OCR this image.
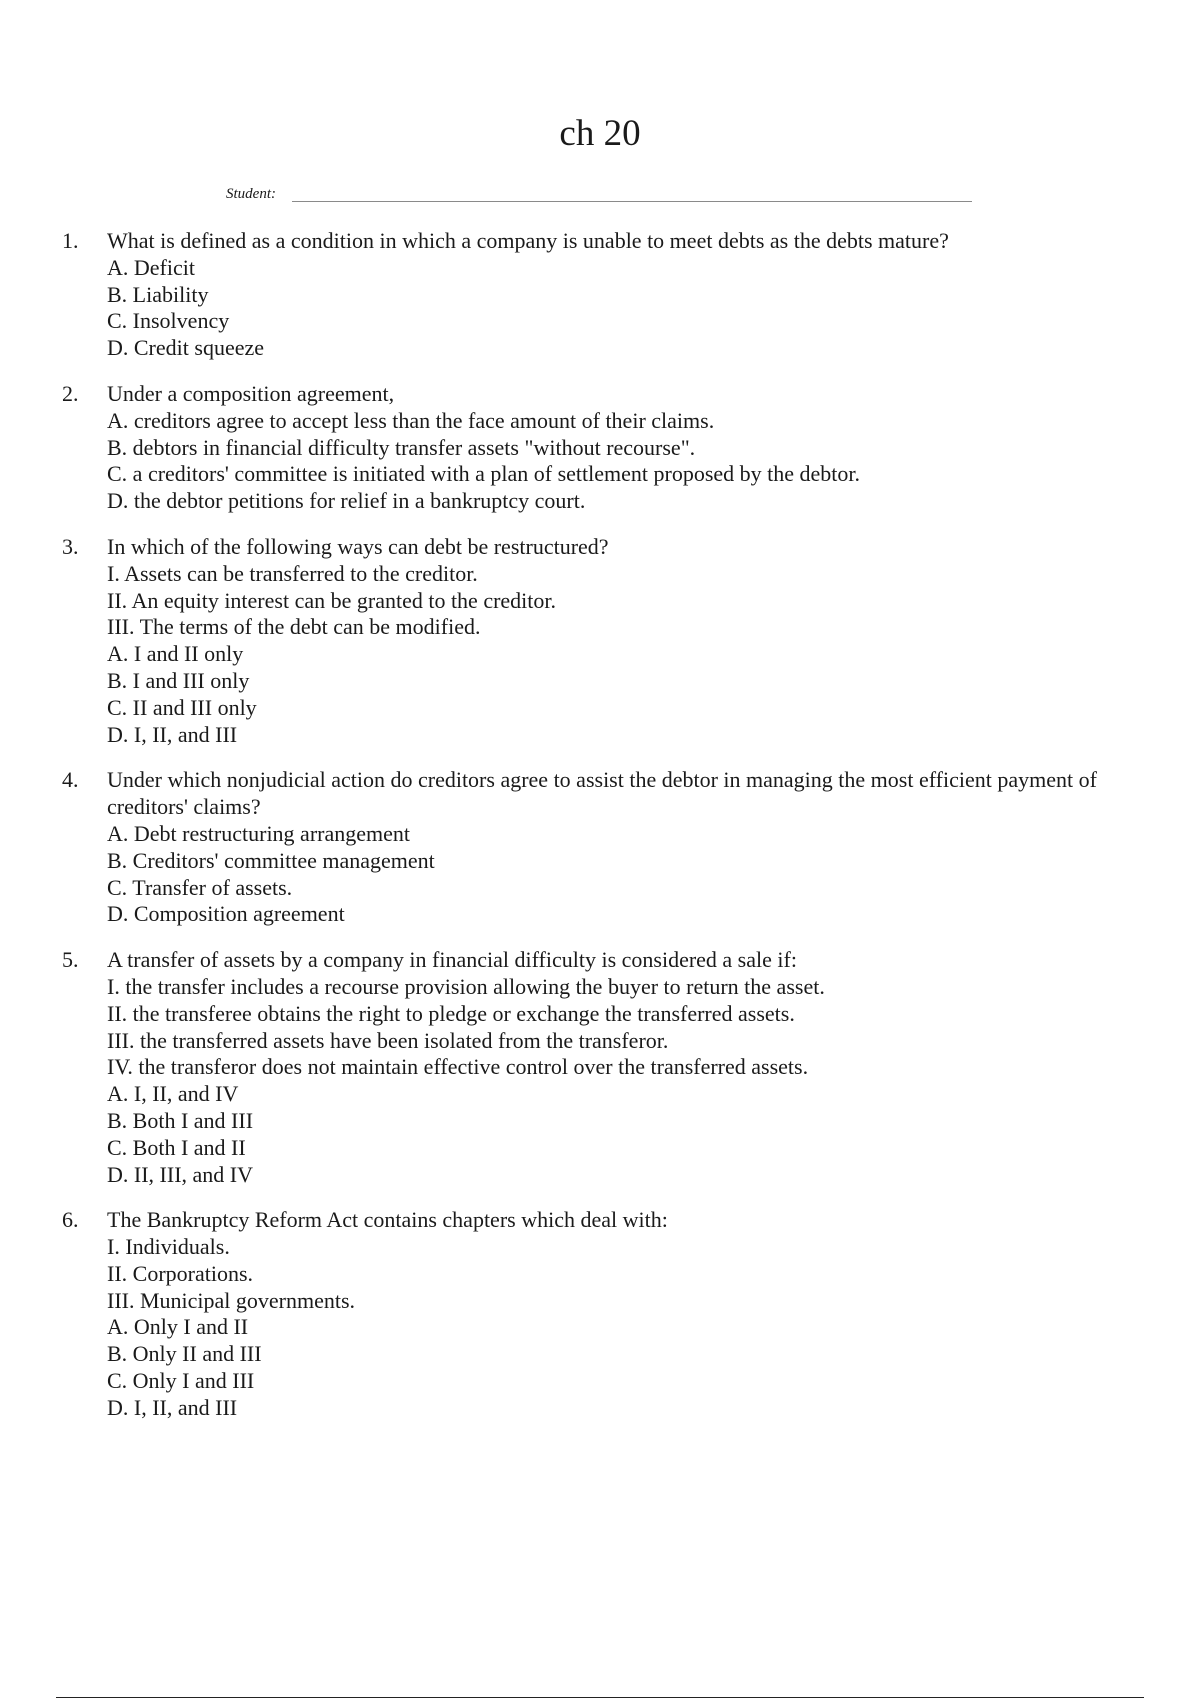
ch 20
Student:
1. What is defined as a condition in which a company is unable to meet debts as the debts mature?
A. Deficit
B. Liability
C. Insolvency
D. Credit squeeze
2. Under a composition agreement,
A. creditors agree to accept less than the face amount of their claims.
B. debtors in financial difficulty transfer assets "without recourse".
C. a creditors' committee is initiated with a plan of settlement proposed by the debtor.
D. the debtor petitions for relief in a bankruptcy court.
3. In which of the following ways can debt be restructured?
I. Assets can be transferred to the creditor.
II. An equity interest can be granted to the creditor.
III. The terms of the debt can be modified.
A. I and II only
B. I and III only
C. II and III only
D. I, II, and III
4. Under which nonjudicial action do creditors agree to assist the debtor in managing the most efficient payment of creditors' claims?
A. Debt restructuring arrangement
B. Creditors' committee management
C. Transfer of assets.
D. Composition agreement
5. A transfer of assets by a company in financial difficulty is considered a sale if:
I. the transfer includes a recourse provision allowing the buyer to return the asset.
II. the transferee obtains the right to pledge or exchange the transferred assets.
III. the transferred assets have been isolated from the transferor.
IV. the transferor does not maintain effective control over the transferred assets.
A. I, II, and IV
B. Both I and III
C. Both I and II
D. II, III, and IV
6. The Bankruptcy Reform Act contains chapters which deal with:
I. Individuals.
II. Corporations.
III. Municipal governments.
A. Only I and II
B. Only II and III
C. Only I and III
D. I, II, and III
